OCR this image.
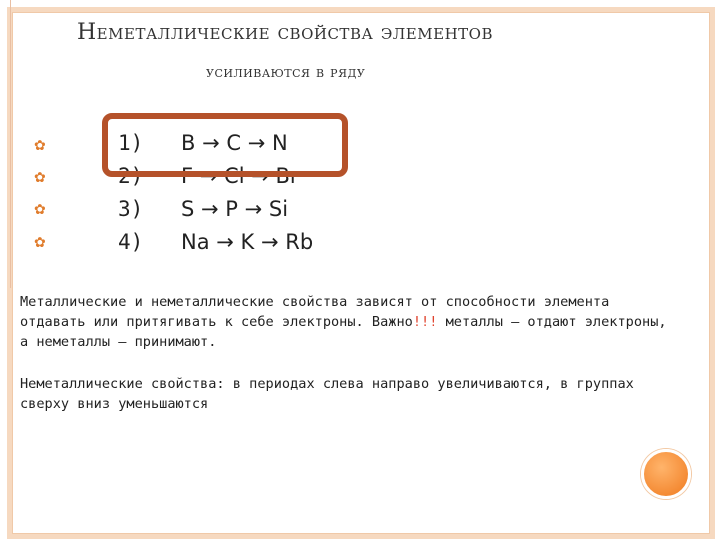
Неметаллические свойства элементов
усиливаются в ряду
✿
✿
✿
✿
1)
2)
3)
4)
B → C → N
F → Cl → Br
S → P → Si
Na → K → Rb
Металлические и неметаллические свойства зависят от способности элемента отдавать или притягивать к себе электроны. Важно!!! металлы – отдают электроны, а неметаллы – принимают.
Неметаллические свойства: в периодах слева направо увеличиваются, в группах сверху вниз уменьшаются
